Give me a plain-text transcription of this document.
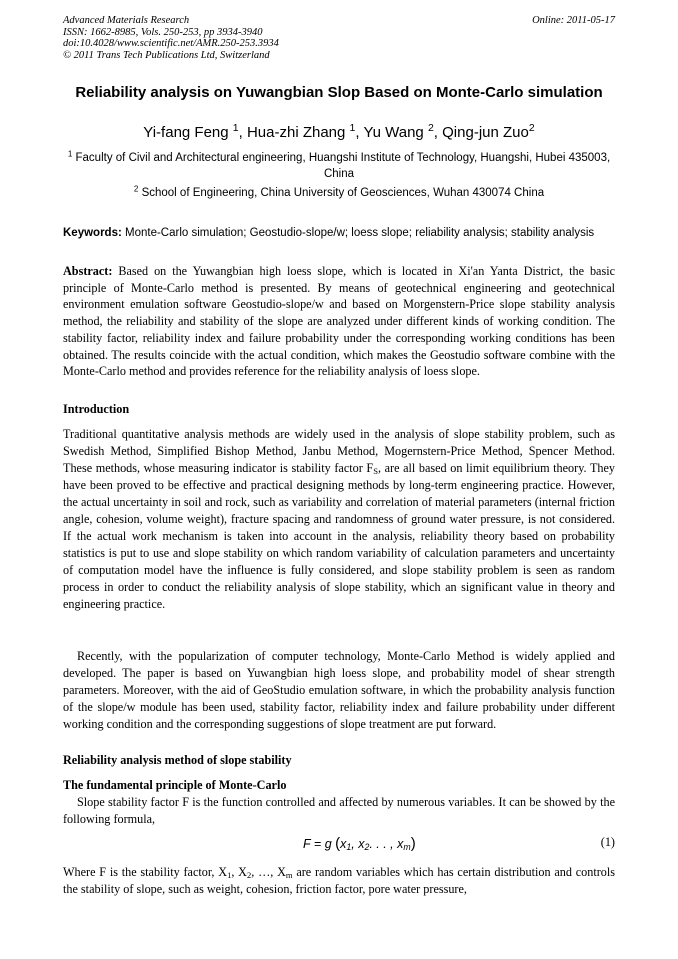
Advanced Materials Research
ISSN: 1662-8985, Vols. 250-253, pp 3934-3940
doi:10.4028/www.scientific.net/AMR.250-253.3934
© 2011 Trans Tech Publications Ltd, Switzerland
Online: 2011-05-17
Reliability analysis on Yuwangbian Slop Based on Monte-Carlo simulation
Yi-fang Feng $^1$, Hua-zhi Zhang $^1$, Yu Wang $^2$, Qing-jun Zuo$^2$
$^1$ Faculty of Civil and Architectural engineering, Huangshi Institute of Technology, Huangshi, Hubei 435003, China
$^2$ School of Engineering, China University of Geosciences, Wuhan 430074 China
Keywords: Monte-Carlo simulation; Geostudio-slope/w; loess slope; reliability analysis; stability analysis
Abstract: Based on the Yuwangbian high loess slope, which is located in Xi'an Yanta District, the basic principle of Monte-Carlo method is presented. By means of geotechnical engineering and geotechnical environment emulation software Geostudio-slope/w and based on Morgenstern-Price slope stability analysis method, the reliability and stability of the slope are analyzed under different kinds of working condition. The stability factor, reliability index and failure probability under the corresponding working conditions has been obtained. The results coincide with the actual condition, which makes the Geostudio software combine with the Monte-Carlo method and provides reference for the reliability analysis of loess slope.
Introduction
Traditional quantitative analysis methods are widely used in the analysis of slope stability problem, such as Swedish Method, Simplified Bishop Method, Janbu Method, Mogernstern-Price Method, Spencer Method. These methods, whose measuring indicator is stability factor $F_S$, are all based on limit equilibrium theory. They have been proved to be effective and practical designing methods by long-term engineering practice. However, the actual uncertainty in soil and rock, such as variability and correlation of material parameters (internal friction angle, cohesion, volume weight), fracture spacing and randomness of ground water pressure, is not considered. If the actual work mechanism is taken into account in the analysis, reliability theory based on probability statistics is put to use and slope stability on which random variability of calculation parameters and uncertainty of computation model have the influence is fully considered, and slope stability problem is seen as random process in order to conduct the reliability analysis of slope stability, which an significant value in theory and engineering practice.
Recently, with the popularization of computer technology, Monte-Carlo Method is widely applied and developed. The paper is based on Yuwangbian high loess slope, and probability model of shear strength parameters. Moreover, with the aid of GeoStudio emulation software, in which the probability analysis function of the slope/w module has been used, stability factor, reliability index and failure probability under different working condition and the corresponding suggestions of slope treatment are put forward.
Reliability analysis method of slope stability
The fundamental principle of Monte-Carlo
Slope stability factor F is the function controlled and affected by numerous variables. It can be showed by the following formula,
F = g ($x_1$, $x_2$. . . , $x_m$)	(1)
Where F is the stability factor, $X_1$, $X_2$, …, $X_m$ are random variables which has certain distribution and controls the stability of slope, such as weight, cohesion, friction factor, pore water pressure,
